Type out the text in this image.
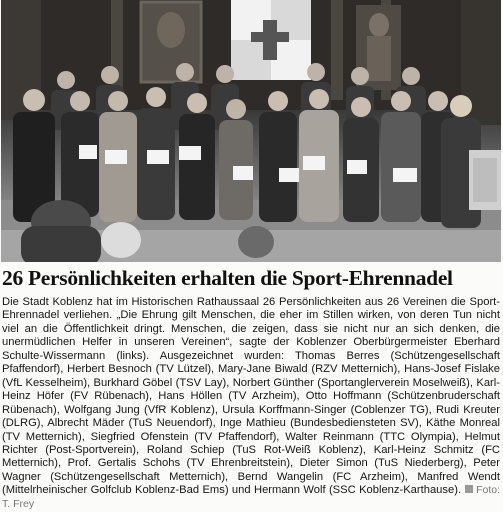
26 Persönlichkeiten erhalten die Sport-Ehrennadel
Die Stadt Koblenz hat im Historischen Rathaussaal 26 Persönlichkeiten aus 26 Vereinen die Sport-Ehrennadel verliehen. „Die Ehrung gilt Menschen, die eher im Stillen wirken, von deren Tun nicht viel an die Öffentlichkeit dringt. Menschen, die zeigen, dass sie nicht nur an sich denken, die unermüdlichen Helfer in unseren Vereinen“, sagte der Koblenzer Oberbürgermeister Eberhard Schulte-Wissermann (links). Ausgezeichnet wurden: Thomas Berres (Schützengesellschaft Pfaffendorf), Herbert Besnoch (TV Lützel), Mary-Jane Biwald (RZV Metternich), Hans-Josef Fislake (VfL Kesselheim), Burkhard Göbel (TSV Lay), Norbert Günther (Sportanglerverein Moselweiß), Karl-Heinz Höfer (FV Rübenach), Hans Höllen (TV Arzheim), Otto Hoffmann (Schützenbruderschaft Rübenach), Wolfgang Jung (VfR Koblenz), Ursula Korffmann-Singer (Coblenzer TG), Rudi Kreuter (DLRG), Albrecht Mäder (TuS Neuendorf), Inge Mathieu (Bundesbediensteten SV), Käthe Monreal (TV Metternich), Siegfried Ofenstein (TV Pfaffendorf), Walter Reinmann (TTC Olympia), Helmut Richter (Post-Sportverein), Roland Schiep (TuS Rot-Weiß Koblenz), Karl-Heinz Schmitz (FC Metternich), Prof. Gertalis Schohs (TV Ehrenbreitstein), Dieter Simon (TuS Niederberg), Peter Wagner (Schützengesellschaft Metternich), Bernd Wangelin (FC Arzheim), Manfred Wendt (Mittelrheinischer Golfclub Koblenz-Bad Ems) und Hermann Wolf (SSC Koblenz-Karthause). Foto: T. Frey
